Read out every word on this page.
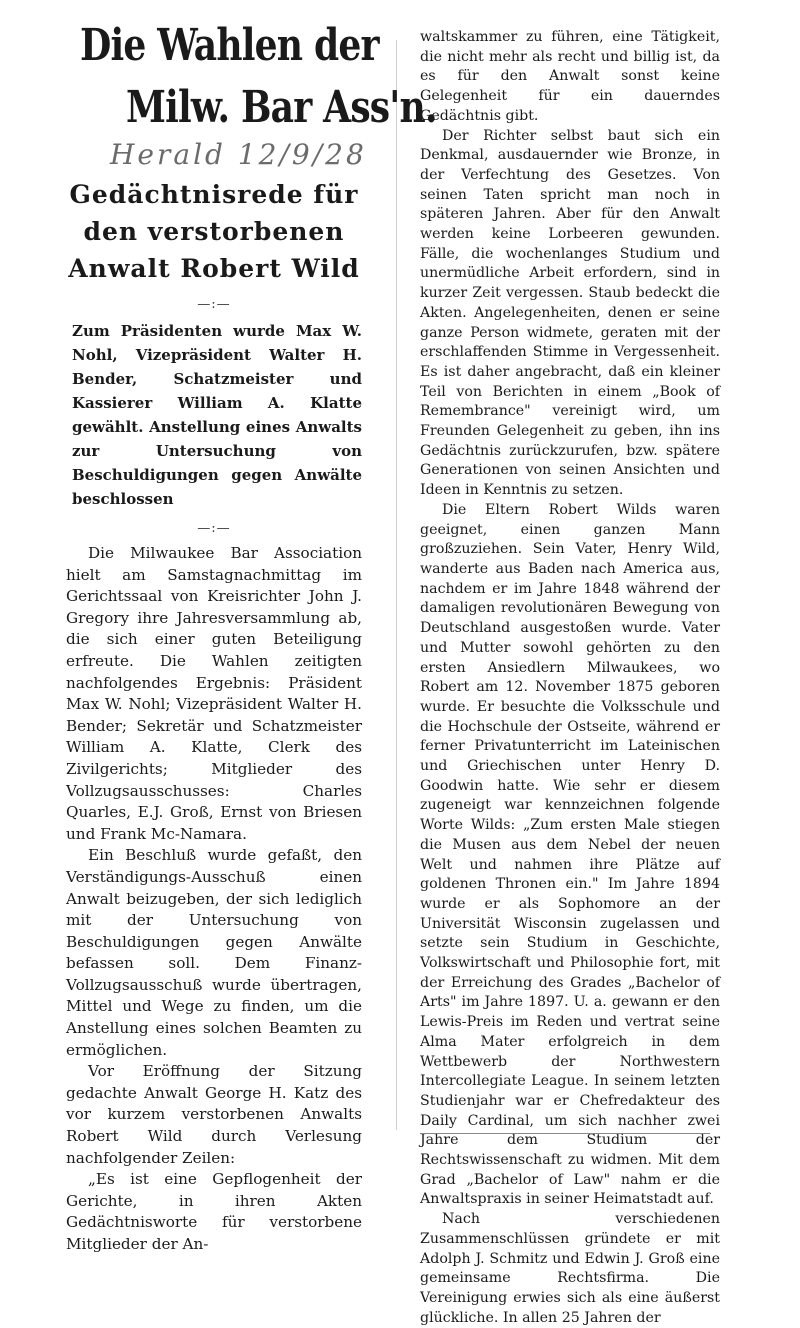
Die Wahlen der
Milw. Bar Ass'n.
Herald 12/9/28
Gedächtnisrede für den verstorbenen Anwalt Robert Wild
—:—
Zum Präsidenten wurde Max W. Nohl, Vizepräsident Walter H. Bender, Schatzmeister und Kassierer William A. Klatte gewählt. Anstellung eines Anwalts zur Untersuchung von Beschuldigungen gegen Anwälte beschlossen
—:—

Die Milwaukee Bar Association hielt am Samstagnachmittag im Gerichtssaal von Kreisrichter John J. Gregory ihre Jahresversammlung ab, die sich einer guten Beteiligung erfreute. Die Wahlen zeitigten nachfolgendes Ergebnis: Präsident Max W. Nohl; Vizepräsident Walter H. Bender; Sekretär und Schatzmeister William A. Klatte, Clerk des Zivilgerichts; Mitglieder des Vollzugsausschusses: Charles Quarles, E.J. Groß, Ernst von Briesen und Frank Mc-Namara.

Ein Beschluß wurde gefaßt, den Verständigungs-Ausschuß einen Anwalt beizugeben, der sich lediglich mit der Untersuchung von Beschuldigungen gegen Anwälte befassen soll. Dem Finanz-Vollzugsausschuß wurde übertragen, Mittel und Wege zu finden, um die Anstellung eines solchen Beamten zu ermöglichen.

Vor Eröffnung der Sitzung gedachte Anwalt George H. Katz des vor kurzem verstorbenen Anwalts Robert Wild durch Verlesung nachfolgender Zeilen:

„Es ist eine Gepflogenheit der Gerichte, in ihren Akten Gedächtnisworte für verstorbene Mitglieder der An-

waltskammer zu führen, eine Tätigkeit, die nicht mehr als recht und billig ist, da es für den Anwalt sonst keine Gelegenheit für ein dauerndes Gedächtnis gibt.

Der Richter selbst baut sich ein Denkmal, ausdauernder wie Bronze, in der Verfechtung des Gesetzes. Von seinen Taten spricht man noch in späteren Jahren. Aber für den Anwalt werden keine Lorbeeren gewunden. Fälle, die wochenlanges Studium und unermüdliche Arbeit erfordern, sind in kurzer Zeit vergessen. Staub bedeckt die Akten. Angelegenheiten, denen er seine ganze Person widmete, geraten mit der erschlaffenden Stimme in Vergessenheit. Es ist daher angebracht, daß ein kleiner Teil von Berichten in einem „Book of Remembrance" vereinigt wird, um Freunden Gelegenheit zu geben, ihn ins Gedächtnis zurückzurufen, bzw. spätere Generationen von seinen Ansichten und Ideen in Kenntnis zu setzen.

Die Eltern Robert Wilds waren geeignet, einen ganzen Mann großzuziehen. Sein Vater, Henry Wild, wanderte aus Baden nach America aus, nachdem er im Jahre 1848 während der damaligen revolutionären Bewegung von Deutschland ausgestoßen wurde. Vater und Mutter sowohl gehörten zu den ersten Ansiedlern Milwaukees, wo Robert am 12. November 1875 geboren wurde. Er besuchte die Volksschule und die Hochschule der Ostseite, während er ferner Privatunterricht im Lateinischen und Griechischen unter Henry D. Goodwin hatte. Wie sehr er diesem zugeneigt war kennzeichnen folgende Worte Wilds: „Zum ersten Male stiegen die Musen aus dem Nebel der neuen Welt und nahmen ihre Plätze auf goldenen Thronen ein." Im Jahre 1894 wurde er als Sophomore an der Universität Wisconsin zugelassen und setzte sein Studium in Geschichte, Volkswirtschaft und Philosophie fort, mit der Erreichung des Grades „Bachelor of Arts" im Jahre 1897. U. a. gewann er den Lewis-Preis im Reden und vertrat seine Alma Mater erfolgreich in dem Wettbewerb der Northwestern Intercollegiate League. In seinem letzten Studienjahr war er Chefredakteur des Daily Cardinal, um sich nachher zwei Jahre dem Studium der Rechtswissenschaft zu widmen. Mit dem Grad „Bachelor of Law" nahm er die Anwaltspraxis in seiner Heimatstadt auf.

Nach verschiedenen Zusammenschlüssen gründete er mit Adolph J. Schmitz und Edwin J. Groß eine gemeinsame Rechtsfirma. Die Vereinigung erwies sich als eine äußerst glückliche. In allen 25 Jahren der
